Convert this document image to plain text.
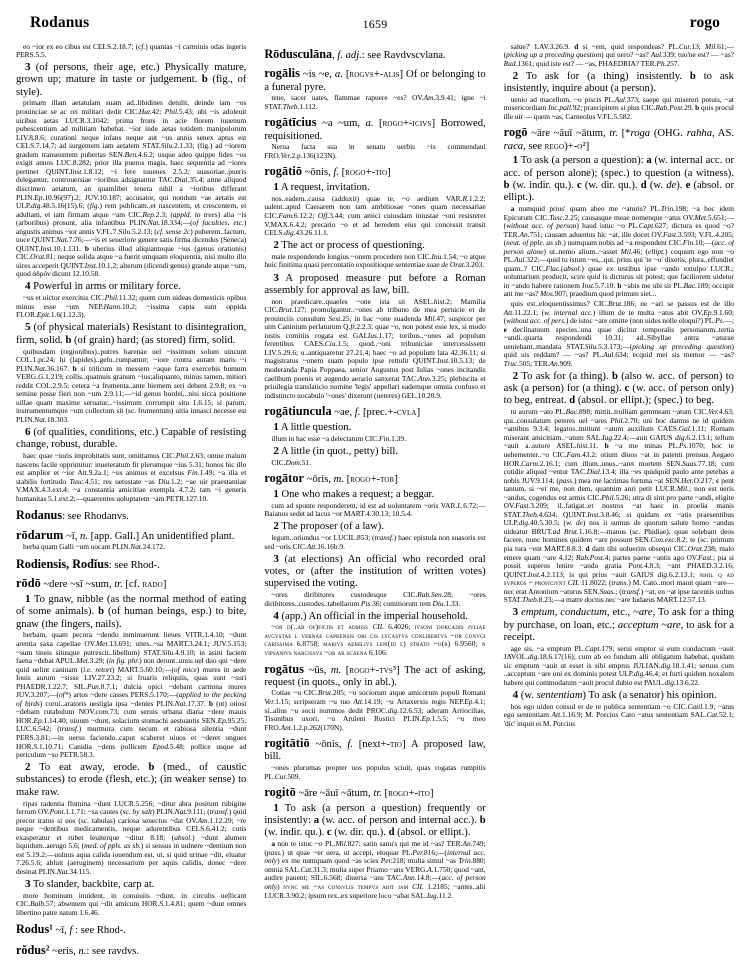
Rodanus	1659	rogo
eo ~ior ex eo cibus est CELS.2.18.7; (cf.) quantas ~i carminis odas ingeris PERS.5.5.
3 (of persons, their age, etc.) Physically mature, grown up; mature in taste or judgement. b (fig., of style).
primam illam aetatulam suam ad..libidines detulit, deinde iam ~os prouinciae se ac rei militari dedit CIC.Har.42; Phil.5.43; ubi ~is adoleuit uiribus aetas LUCR.3.1042; prima frons in acie florem iuuenum pubescentium ad militiam habebat. ~ior inde aetas totidem manipulorum LIV.8.8.6; curationi neque infans neque aut ~us annis senex aptus est CELS.7.14.7; ad surgentem iam aetatem STAT.Silu.2.1.33; (fig.) ad ~iorem gradum transeuntem pubertas SEN.Ben.4.6.2; usque adeo quippe fides ~os exigit annos LUC.8.282; prior illa pueros magis, haec sequentia ad ~iores pertinet QUINT.Inst.1.8.12; ~i fere iuuenes 2.5.2; suasoriae..pueris delegantur, controuersiae ~ioribus adsignantur TAC.Dial.35.4; aitne aliquod discrimen aetatum, an quamlibet tenera nihil a ~ioribus differant PLIN.Ep.10.96(97).2; JUV.10.187; accusator, qui nondum ~ae aetatis est ULP.dig.48.5.16(15).6; (fig.) rem publicam..et nascentem, et crescentem, et adultam, et iam firmam atque ~am CIC.Rep.2.3; (appld. to trees) alia ~is (arboribus) prosunt, alia infantibus PLIN.Nat.18.334;—(of faculties, etc.) angustis animus ~ior annis V.FL.7.Silu.5.2.13; (cf. sense 2c) puberem..factum, uoce QUINT.Nat.7.76;—~is et seueriore genere satis firma dicendus (Seneca) QUINT.Inst.10.1.131. b uberius illud aliquantoque ~ius (genus orationis) CIC.Orat.81; neque solida atque ~a fuerit umquam eloquentia, nisi multo illo uires acceperit QUINT.Inst.10.1.2; alterum (dicendi genus) grande atque ~um, quod ἁδρόν dicunt 12.10.58.
4 Powerful in arms or military force.
~us et uictor exercitus CIC.Phil.11.32; quem cum uideas domesticis opibus minus esse ~um NEP.Hann.10.2; ~issima capta sunt oppida FLOR.Epit.1.6(1.12.3).
5 (of physical materials) Resistant to disintegration, firm, solid. b (of grain) hard; (as stored) firm, solid.
quibusdam (regionibus)..putres harenae uel ~issimum solum uincunt COL.1.pr.24; hi (lapides)..gelu..rumpantur; ~iore contra auram maris ~i PLIN.Nat.36.167. b si triticum in messem ~aque farra exercebis humum VERG.G.1.219; collis..quamuis granum ~ius;aliquanto, minus tamen, mitiori reddit COL.2.9.5; cetera ~a frumenta..ante hiemem seri debent 2.9.8; ex ~o semine posse fieri non ~um 2.9.11;—~id genus hordei,..nisi sicca positione uillae quam maxime seruatur,..~issimum corrumpit situ 1.6.15; si parum, instrumentumque ~um collectum sit (sc. frumentum) uitia innasci necesse est PLIN.Nat.18.303.
6 (of qualities, conditions, etc.) Capable of resisting change, robust, durable.
haec quae ~ioris improbitatis sunt, omittamus CIC.Phil.2.63; omne malum nascens facile opprimitur: inueteratum fit plerumque ~ius 5.31; honos hic illo est amplior et ~ior Att.9.2a.1; ~us animus et excelsus Fin.1.49; ~a illa et stabilis fortitudo Tusc.4.51; res uetustate ~as Diu.1.2; ~ae uir praestantiae V.MAX.4.3.ext.4; ~a constantia amicitiae exempla 4.7.2; tam ~i generis humanitas 5.1.ext.2;—quaerentes uoluptatem ~am PETR.127.10.
Rodanus: see Rhodanvs.
rōdarum ~ī, n. [app. Gall.] An unidentified plant.
herba quam Galli ~um uocant PLIN.Nat.24.172.
Rodiensis, Rodĭus: see Rhod-.
rōdō ~dere ~sī ~sum, tr. [cf. rado]
1 To gnaw, nibble (as the normal method of eating of some animals). b (of human beings, esp.) to bite, gnaw (the fingers, nails).
herbam, quam pecora ~dendo inminuerunt lieues VITR.1.4.10; ~dunt arentia saxa capellae OV.Met.13.691; uites..~sa MART.3.24.1; JUV.5.153; ~sum tineis situsque putrescit..libellum) STAT.Silu.4.9.10; in asini faciem faena ~debat APUL.Met.3.29; (in fig. phr.) non derunt..unus uel duo qui ~dere quid uelint caninam (i.e. retort) MART.5.60.10;—(of mice) mures in aede Iouis aurum ~sisse LIV.27.23.2; si fruaris reliquiis, quas sunt ~suri PHAEDR.1.22.7; SIL.Pun.8.7.1; dulcia opici ~debant carmina mures JUV.3.207;—(of*) artos ~dere casses PERS.5.170;—(applied to the pecking of birds) corui..aratoris uestigia ipsa ~dentes PLIN.Nat.17.37. b (ut) otiosi ~debam rutabulum NOV.com.73; cum seruis urbana diaria ~dere mauis HOR.Ep.1.14.40; uiuum ~dunt, solacium stomachi aestuantis SEN.Ep.95.25; LUC.6.542; (transf.) murmura cum secum et rabiosa silentia ~dunt PERS.3.81;—in uersu faciendo..caput scaberet uiuos et ~deret ungues HOR.S.1.10.71; Canidia ~dens pollicem Epod.5.48; pollice usque ad periculum ~so PETR.58.3.
2 To eat away, erode. b (med., of caustic substances) to erode (flesh, etc.); (in weaker sense) to make raw.
ripas radentia flumina ~dunt LUCR.5.256; ~ditur abra positum rubigine ferrum OV.Pont.1.1.71; ~sa cautes (sc. by salt) PLIN.Nat.9.111; (transf.) quid precor iratus si uos (sc. tabulas) cariosa senectus ~dat OV.Am.1.12.29; ~re neque ~dentibus medicamentis, neque adurentibus CELS.6.41.2; cutis exasperatur et rubet leuiterque ~ditur 8.18; (absol.) ~dunt alumen liquidum..aerugo 5.6; (med. of ppls. as sb.) si sensus in uulnere ~dentium non est 5.19.2;—uulnus aqua calida iouendum est, ut, si quid urinae ~dit, eluatur 7.26.5.6; abluit (aeruginem) necessarium per aquis calidis, donec ~dere desinat PLIN.Nat.34.115.
3 To slander, backbite, carp at.
more hominum inuident, in conuiuiis ~dunt, in circulis uellicant CIC.Balb.57; absentem qui ~dit amicum HOR.S.1.4.81; quem ~dunt omnes libertino patre natum 1.6.46.
Rodus¹ ~ī, f : see Rhod-.
rŏdus² ~eris, n.: see ravdvs.
Rōdusculāna, f. adj.: see Ravdvscvlana.
rogālis ~is ~e, a. [rogvs+-alis] Of or belonging to a funeral pyre.
tene, sacer uates, flammae rapuere ~es? OV.Am.3.9.41; igne ~i STAT.Theb.1.112.
rogātīcius ~a ~um, a. [rogo+-icivs] Borrowed, requisitioned.
Nerua facta sua in senatu uerbis ~is commendaui FRO.Ver.2.p.136(123N).
rogātiō ~ōnis, f. [rogo+-tio]
1 A request, invitation.
nos..eadem..causa (adduxit) quae te, ~o aedium VAR.R.1.2.2; ualent..apud Caesarem non tam ambitiosae ~ones quam necessariae CIC.Fam.6.12.2; Off.3.44; cum amici cuiusdam iniustae ~oni resisteret V.MAX.6.4.2; precario ~o et ad heredem eius qui concessit transit CELS.dig.43.26.11.1.
2 The act or process of questioning.
male respondendo longius ~onem procedere non CIC.Inu.1.54; ~o atque huic finitima quasi percontatio expositioque sententiae suae de Orat.3.203.
3 A proposed measure put before a Roman assembly for approval as law, bill.
non praedicare..quaeles ~one ista sit ASEL.hist.2; Mamilia CIC.Brut.127; promulgantur..~ones ab tribuno de mea pernicie et de prouinciis consulum Sest.25; in hac ~one suadenda Mil.47; suspicor per uim Caninium perlaturum Q.fr.2.2.3; quae ~o, non potest esse lex, si modo iustis comitiis rogata est GAI.Ius.1.17; toribus..~ones ad populum ferentibus CAES.Ciu.1.5; quod..~oni tribuniciae intercessissent LIV.5.29.6; u..antiquaretur 27.21.4; haec ~o ad populum lata 42.36.11; si magistratus ~onem suam populo ipse rettulit QUINT.Inst.10.5.13; de moderanda Papia Poppaea, senior Augustus post Iulias ~ones incitandis caelibum poenis et augendo aerario sanxerat TAC.Ann.3.25; plebiscita et priuilegia translaticio nomine 'legis' appellari eademque omnia confuso et indistincto uocabulo '~ones' dixerunt (ueteres) GEL.10.20.9.
rogātiuncula ~ae, f. [prec.+-cvla]
1 A little question.
illum in hac esse ~a delectatum CIC.Fin.1.39.
2 A little (in quot., petty) bill.
CIC.Dom.51.
rogātor ~ōris, m. [rogo+-tor]
1 One who makes a request; a beggar.
cum ad sponte responderent, id est ad uoluntatem ~oris VAR.L.6.72;—Baianos sedet ad lacus ~or MART.4.30.13; 10.5.4.
2 The proposer (of a law).
legum..oriundus ~or LUCIL.853; (transf.) haec epistula non suasoris est sed ~oris CIC.Att.16.16b.9.
3 (at elections) An official who recorded oral votes, or (after the institution of written votes) supervised the voting.
~ores diribitores custodesque CIC.Rab.Sen.28; ~ores diribitores..custodes..tabellarum Pis.36; comitiorum rem Diu.1.33.
4 (app.) An official in the imperial household.
~or d(..ab of)ficiis et admiss CIL 6.4026; ivsoni dorcadis ivliae avgvstae l vernae caprensis ori cis lycastvs conlibertvs ~or convgi carissima 6.8758; marivs aemilivs lepi(di l) strato ~o(r) 6.9560; n vipsanivs narcissvs ~or ab scaena 6.106.
rogātus ~ūs, m. [rogo+-tvs³] The act of asking, request (in quots., only in abl.).
Cottae ~u CIC.Brut.205; ~u sociorum atque amicorum populi Romani Ver.1.15; scripseram ~u tuo Att.14.19; ~u Artaxerxis regis NEP.Ep.4.1; si..alius ~u socii nummos dedit PROC.dig.12.6.53; aderam Arriociliae, Tisonibus uxori, ~u Aruleni Rustici PLIN.Ep.1.5.5; ~u meo FRO.Ant.1.2.p.262(170N).
rogitātiō ~ōnis, f. [next+-tio] A proposed law, bill.
~ones plurumas propter uos populus sciuit, quas rogatas rumpitis PL.Cur.509.
rogitō ~āre ~āuī ~ātum, tr. [rogo+-ito]
1 To ask (a person a question) frequently or insistently: a (w. acc. of person and internal acc.). b (w. indir. qu.). c (w. dir. qu.). d (absol. or ellipt.).
a non te istuc ~o PL.Mil.827; satin sanu's qui me id ~as? TER.An.749; (pass.) ut quae ~er uera, ut accepi, eloquar PL.Per.816;—(internal acc. only) ex me numquam quod ~as scies Per.218; multa simul ~as Trin.880; omnia SAL.Cat.31.3; multa super Priamo ~ans VERG.A.1.750; quod ~ant, audire pauent; SIL.6.568; diuersa ~ans TAC.Ann.14.8;—(acc. of person only) nvnc me ~as consvlis tempvs abit iam CIL 1.2185; ~antes..alii LUCR.3.90.2; ipsum rex..ex superiore loco ~abat SAL.Iug.11.2.
salue?' LAV.3.26.9. d si ~em, quid respondeas? PL.Cur.13; Mil.61;—(picking up a preceding question) qui uero? ~as? Aul.339; tuo'ne est? — ~as? Rud.1361; quid iste est? — ~as, PHAEDRIA? TER.Ph.257.
2 To ask for (a thing) insistently. b to ask insistently, inquire about (a person).
uenio ad macellum, ~o piscis PL.Aul.373; saepe qui misereri potuis, ~at misericordiam Inc.pall.92; praecipitem si plus CIC.Rab.Post.29. b quis procul ille uir — quem ~as, Carneolus V.FL.5.582.
rogō ~āre ~āuī ~ātum, tr. [*roga (OHG. rahha, AS. raca, see rego)+-o²]
1 To ask (a person a question): a (w. internal acc. or acc. of person alone); (spec.) to question (a witness). b (w. indir. qu.). c (w. dir. qu.). d (w. de). e (absol. or ellipt.).
a numquid prius' quam abeo me ~aturis? PL.Trin.198; ~a hoc idem Epicurum CIC.Tusc.2.25; causasque meae nomenque ~atus OV.Met.5.651;—(without acc. of person) haud istuc ~o PL.Capt.627; dictura es quod ~o? TER.An.751; causam aduentus hic ~at, ille docet OV.Fast.3.593; V.FL.4.205;(neut. of pple. as sb.) numquam nobis ad ~a respondent CIC.Fin.10;—(acc. of person alone) ut..nemo alium..~asset Mil.46; (ellipt.) coquum ego non ~o PL.Aul.322;—quid tu istum ~es,..qui, prius qui 'te ~o' dixeris, plura..effundiet quam..? CIC.Flac.(absol.) quae ex testibus ipse ~ando extulpo LUCR.; uoluntarium producit, scire quid is dicturus sit potest; que faciliorem uidetur in ~ando habere rationem Inst.5.7.10. b ~abis me ubi sit PL.Bac.189; occupit ant me ~as? Mos.907; praedium quod primum siet...
quis est..eloquentissimus? CIC.Brut.186; ne ~ari se passus est de illo Att.11.22.1; (w. internal acc.) illum de te multa ~atus abit OV.Ep.9.1.60; (without acc. of pers.) de istoc ~are omitte (non uides nolle eloqui?) PL.Ps.—; e declinatuum species..una quae dicitur temporalis personarum..tertia ~andi..quarta respondendi 10.31; ad..Sibyllae antra ~aturae ueniebant..mandata STAT.Silu.5.3.173;—(picking up preceding question) quid uis reddam? — ~as? PL.Aul.634; ecquid mei sis memor — ~as? Truc.505; TER.An.909.
2 To ask for (a thing). b (also w. acc. of person) to ask (a person) for (a thing). c (w. acc. of person only) to beg, entreat. d (absol. or ellipt.); (spec.) to beg.
tu aurum ~ato PL.Bac.898; mittit..trulliam gemmeam ~atum CIC.Ver.4.63; qui..consulatum peteres uel ~ares Phil.2.70; uni hoc damus ne id quidem ~antibus 9.3.4; legatos..mittunt ~atum auxilium CAES.Gal.1.11; Romam miserant amicitiam..~atum SAL.Iug.22.4;—auit GAIUS dig.6.2.13.1; tellum ~auit a..sutore ASEL.hist.11. b ~a me minas PL.Ps.1070; hoc te uehementer..~o CIC.Fam.43.2; otium diuos ~at in patenti prensus Aegaeo HOR.Carm.2.16.1; cum illum..unus..~aret mortem SEN.Suas.77.18; cum cotidie aliquid ~entur TAC.Dial.13.4; illa ~es quidquid paulo ante petebas a nobis JUV.9.114; (pass.) mea me lacrimas fortuna ~at SEN.Her.O.217; c pent tantum, si ~et me, non dem, quantum anri petit LUCR.Mil.; non est uerís ~andus, cogendus est armis CIC.Phil.5.26; utra di sint pro parte ~andi, eligite OV.Fast.3.209; il..fatigat..et nostros ~at haec in proelia manis STAT.Theb.4.634; QUINT.Inst.3.8.46; si quidam ex ~atis praesentibus ULP.dig.40.5.30.5; (w. de) nos ii sumus de quorum salute homo ~andus uideatur BRUT.ad Brut.1.16.8;—manus (sc. Phidiae), quae solebant deos facere, nunc homines quidem ~are possunt SEN.Con.exc.8.2; te (sc. primum pia tura ~ent MART.8.8.3. d dam tibi uoluerim obsequi CIC.Orat.238; malo emere quam ~are 4.12; Rab.Post.4; partes paene ~antis ago OV.Fast.; pia si possit superos lenire ~ando gratia Pont.4.8.3; ~ant PHAED.3.2.16; QUINT.Inst.4.2.113; is qui prius ~auit GAIUS dig.6.2.13.1; nihil q ad svperos ~ proficivnt CIL 11.8022; (trans.) M. Cato..mori mauit quam ~are—nec erat Antonium ~aturus SEN.Suas.; (transf.) ~at, en ~at ipse tacentis uultus STAT.Theb.8.23;—a matre doctus nec ~are Iudaeus MART.12.57.13.
3 emptum, conductum, etc., ~are, To ask for a thing by purchase, on loan, etc.; acceptum ~are, to ask for a receipt.
age sis, ~a emptum PL.Capt.179; serui emptor si eum conductum ~auit JAVOL.dig.18.6.17(16); cum ab eo fundum alii obligatum habebat, quidam sic emptum ~auit ut esset is sibi emptus JULIAN.dig.18.1.41; seruus cum ..acceptum ~are uni ex dominis potest ULP.dig.46.4; et furti quidem noxalem habere qui commodatum ~auit procul dubio est PAUL.dig.13.6.22.
4 (w. sententiam) To ask (a senator) his opinion.
hos ego uideo consul et de re publica sententiam ~o CIC.Catil.1.9; ~atus ego sententiam Att.1.16.9; M. Porcius Cato ~atus sententiam SAL.Cat.52.1; 'dic' inquit ei M. Porcius
